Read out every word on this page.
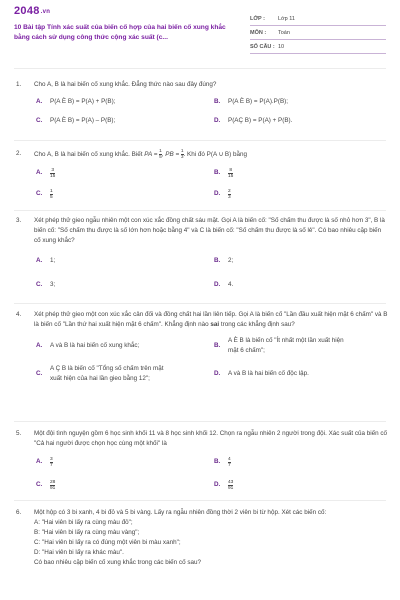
2048.vn
10 Bài tập Tính xác suất của biến cố hợp của hai biến cố xung khắc bằng cách sử dụng công thức cộng xác suất (c...
LỚP :	Lớp 11
MÔN :	Toán
SỐ CÂU : 10
1. Cho A, B là hai biến cố xung khắc. Đẳng thức nào sau đây đúng?
A.	P(A È B) = P(A) + P(B);	B.	P(A È B) = P(A).P(B);
C.	P(A È B) = P(A) – P(B);	D.	P(AÇ B) = P(A) + P(B).
2. Cho A, B là hai biến cố xung khắc. Biết PA = $\frac{1}{5}$ , PB = $\frac{1}{3}$ . Khi đó P(A ∪ B) bằng
A.	$\frac{3}{15}$	B.	$\frac{8}{15}$
C.	$\frac{1}{5}$	D.	$\frac{2}{3}$
3. Xét phép thử gieo ngẫu nhiên một con xúc xắc đồng chất sáu mặt. Gọi A là biến cố: "Số chấm thu được là số nhỏ hơn 3", B là biến cố: "Số chấm thu được là số lớn hơn hoặc bằng 4" và C là biến cố: "Số chấm thu được là số lẻ". Có bao nhiêu cặp biến cố xung khắc?
A.	1;	B.	2;
C.	3;	D.	4.
4. Xét phép thử gieo một con xúc xắc cân đối và đồng chất hai lần liên tiếp. Gọi A là biến cố "Lần đầu xuất hiện mặt 6 chấm" và B là biến cố "Lần thứ hai xuất hiện mặt 6 chấm". Khẳng định nào sai trong các khẳng định sau?
A.	A và B là hai biến cố xung khắc;	B.
A È B là biến cố "Ít nhất một lần xuất hiện mặt 6 chấm";
C.
A Ç B là biến cố "Tổng số chấm trên mặt xuất hiện của hai lần gieo bằng 12";
D.	A và B là hai biến cố độc lập.
5. Một đội tình nguyện gồm 6 học sinh khối 11 và 8 học sinh khối 12. Chọn ra ngẫu nhiên 2 người trong đội. Xác suất của biến cố "Cả hai người được chọn học cùng một khối" là
A.	$\frac{3}{7}$	B.	$\frac{4}{7}$
C.	$\frac{28}{91}$	D.	$\frac{43}{91}$
6. Một hộp có 3 bi xanh, 4 bi đỏ và 5 bi vàng. Lấy ra ngẫu nhiên đồng thời 2 viên bi từ hộp. Xét các biến cố:
A: "Hai viên bi lấy ra cùng màu đỏ";
B: "Hai viên bi lấy ra cùng màu vàng";
C: "Hai viên bi lấy ra có đúng một viên bi màu xanh";
D: "Hai viên bi lấy ra khác màu".
Có bao nhiêu cặp biến cố xung khắc trong các biến cố sau?
